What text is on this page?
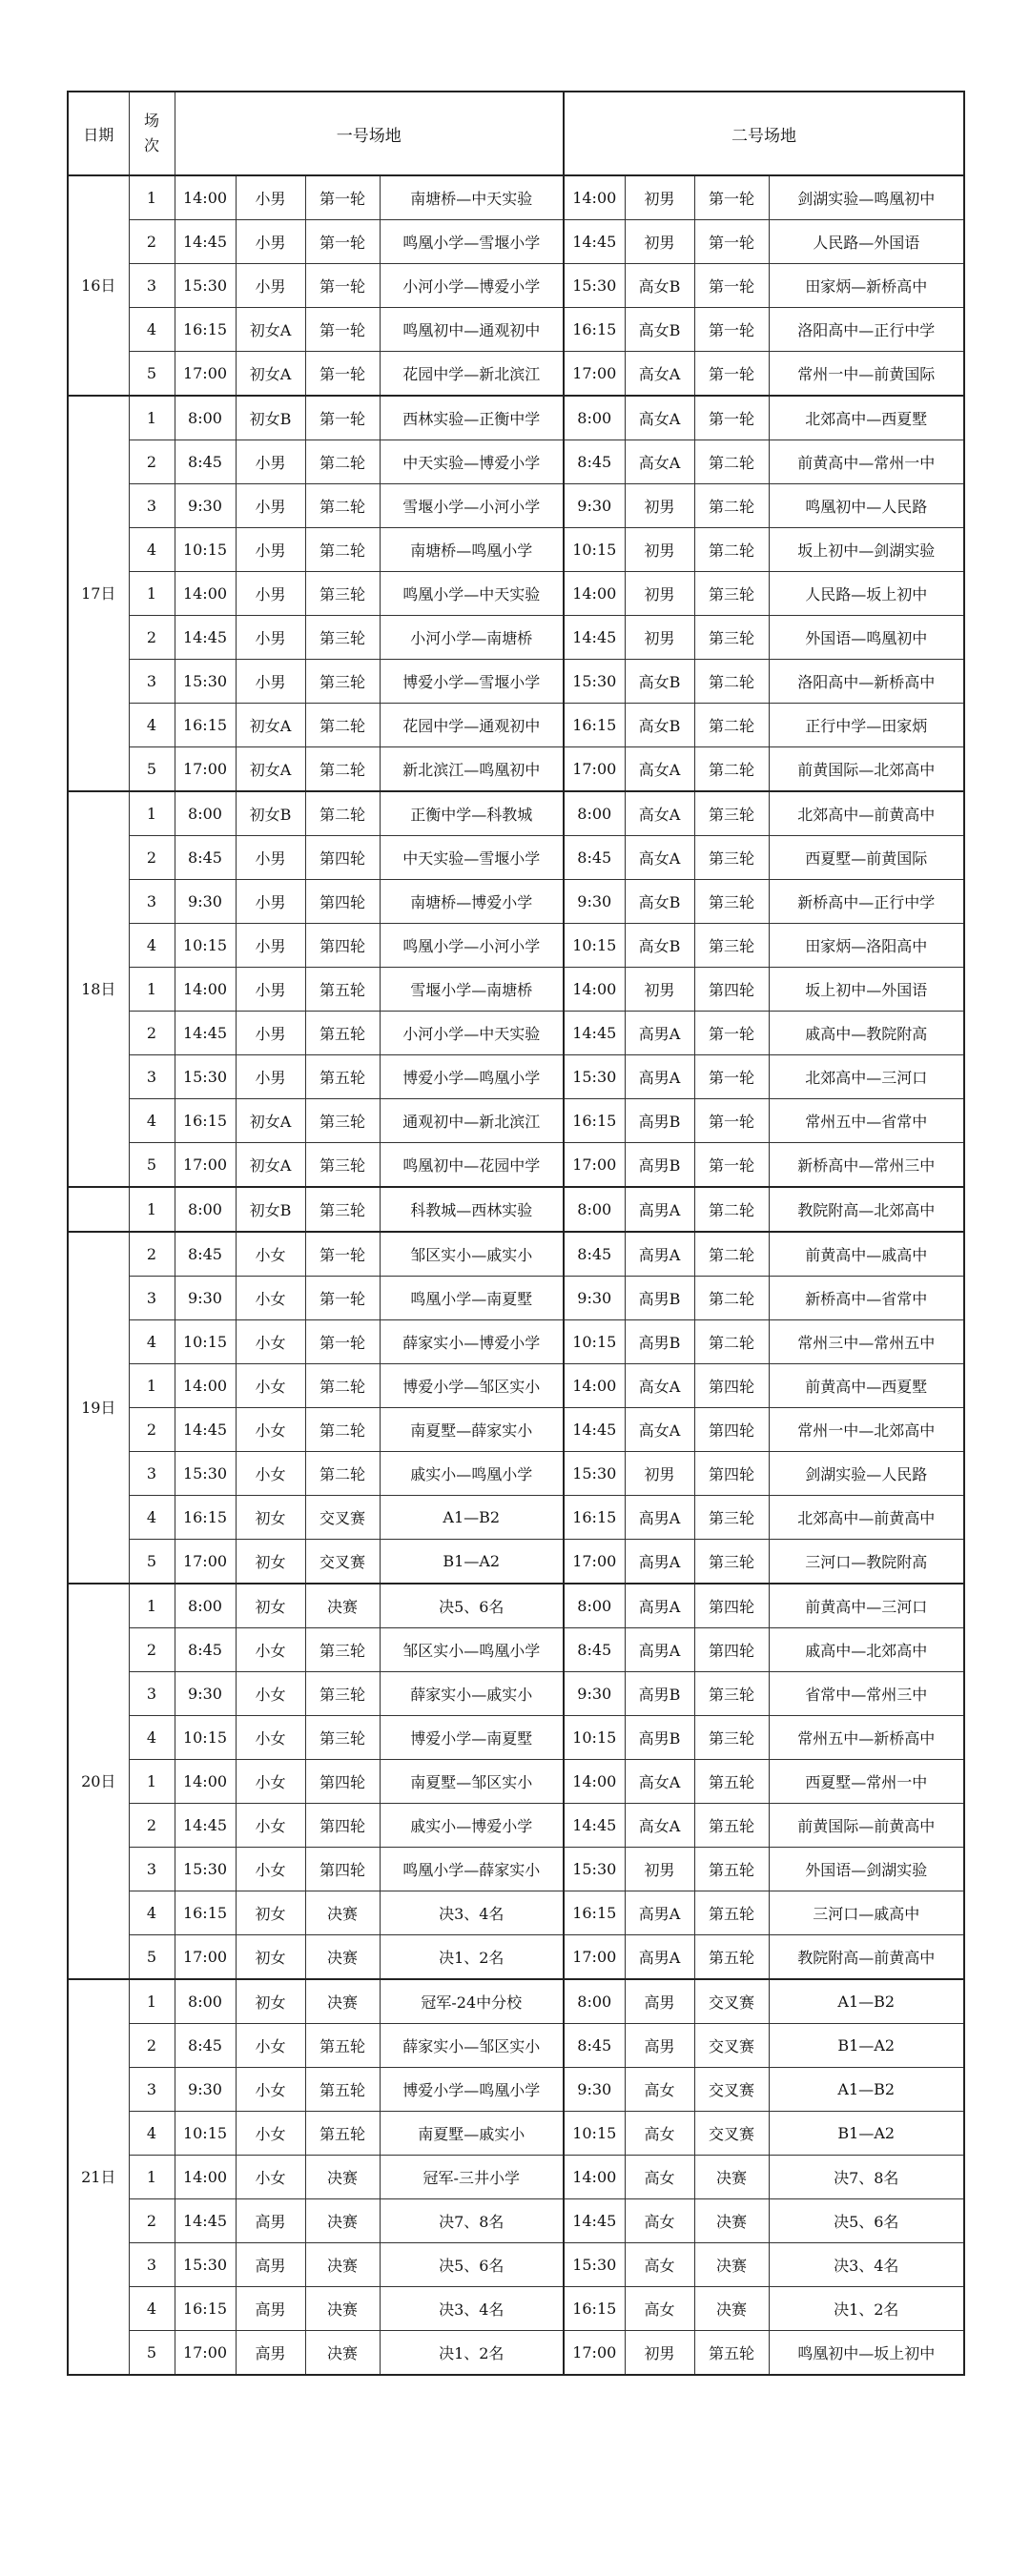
日期	场
次	一号场地				二号场地			
16日	1	14:00	小男	第一轮	南塘桥—中天实验	14:00	初男	第一轮	剑湖实验—鸣凰初中
	2	14:45	小男	第一轮	鸣凰小学—雪堰小学	14:45	初男	第一轮	人民路—外国语
	3	15:30	小男	第一轮	小河小学—博爱小学	15:30	高女B	第一轮	田家炳—新桥高中
	4	16:15	初女A	第一轮	鸣凰初中—通观初中	16:15	高女B	第一轮	洛阳高中—正行中学
	5	17:00	初女A	第一轮	花园中学—新北滨江	17:00	高女A	第一轮	常州一中—前黄国际
17日	1	8:00	初女B	第一轮	西林实验—正衡中学	8:00	高女A	第一轮	北郊高中—西夏墅
	2	8:45	小男	第二轮	中天实验—博爱小学	8:45	高女A	第二轮	前黄高中—常州一中
	3	9:30	小男	第二轮	雪堰小学—小河小学	9:30	初男	第二轮	鸣凰初中—人民路
	4	10:15	小男	第二轮	南塘桥—鸣凰小学	10:15	初男	第二轮	坂上初中—剑湖实验
	1	14:00	小男	第三轮	鸣凰小学—中天实验	14:00	初男	第三轮	人民路—坂上初中
	2	14:45	小男	第三轮	小河小学—南塘桥	14:45	初男	第三轮	外国语—鸣凰初中
	3	15:30	小男	第三轮	博爱小学—雪堰小学	15:30	高女B	第二轮	洛阳高中—新桥高中
	4	16:15	初女A	第二轮	花园中学—通观初中	16:15	高女B	第二轮	正行中学—田家炳
	5	17:00	初女A	第二轮	新北滨江—鸣凰初中	17:00	高女A	第二轮	前黄国际—北郊高中
18日	1	8:00	初女B	第二轮	正衡中学—科教城	8:00	高女A	第三轮	北郊高中—前黄高中
	2	8:45	小男	第四轮	中天实验—雪堰小学	8:45	高女A	第三轮	西夏墅—前黄国际
	3	9:30	小男	第四轮	南塘桥—博爱小学	9:30	高女B	第三轮	新桥高中—正行中学
	4	10:15	小男	第四轮	鸣凰小学—小河小学	10:15	高女B	第三轮	田家炳—洛阳高中
	1	14:00	小男	第五轮	雪堰小学—南塘桥	14:00	初男	第四轮	坂上初中—外国语
	2	14:45	小男	第五轮	小河小学—中天实验	14:45	高男A	第一轮	戚高中—教院附高
	3	15:30	小男	第五轮	博爱小学—鸣凰小学	15:30	高男A	第一轮	北郊高中—三河口
	4	16:15	初女A	第三轮	通观初中—新北滨江	16:15	高男B	第一轮	常州五中—省常中
	5	17:00	初女A	第三轮	鸣凰初中—花园中学	17:00	高男B	第一轮	新桥高中—常州三中
	1	8:00	初女B	第三轮	科教城—西林实验	8:00	高男A	第二轮	教院附高—北郊高中
19日	2	8:45	小女	第一轮	邹区实小—戚实小	8:45	高男A	第二轮	前黄高中—戚高中
	3	9:30	小女	第一轮	鸣凰小学—南夏墅	9:30	高男B	第二轮	新桥高中—省常中
	4	10:15	小女	第一轮	薛家实小—博爱小学	10:15	高男B	第二轮	常州三中—常州五中
	1	14:00	小女	第二轮	博爱小学—邹区实小	14:00	高女A	第四轮	前黄高中—西夏墅
	2	14:45	小女	第二轮	南夏墅—薛家实小	14:45	高女A	第四轮	常州一中—北郊高中
	3	15:30	小女	第二轮	戚实小—鸣凰小学	15:30	初男	第四轮	剑湖实验—人民路
	4	16:15	初女	交叉赛	A1—B2	16:15	高男A	第三轮	北郊高中—前黄高中
	5	17:00	初女	交叉赛	B1—A2	17:00	高男A	第三轮	三河口—教院附高
20日	1	8:00	初女	决赛	决5、6名	8:00	高男A	第四轮	前黄高中—三河口
	2	8:45	小女	第三轮	邹区实小—鸣凰小学	8:45	高男A	第四轮	戚高中—北郊高中
	3	9:30	小女	第三轮	薛家实小—戚实小	9:30	高男B	第三轮	省常中—常州三中
	4	10:15	小女	第三轮	博爱小学—南夏墅	10:15	高男B	第三轮	常州五中—新桥高中
	1	14:00	小女	第四轮	南夏墅—邹区实小	14:00	高女A	第五轮	西夏墅—常州一中
	2	14:45	小女	第四轮	戚实小—博爱小学	14:45	高女A	第五轮	前黄国际—前黄高中
	3	15:30	小女	第四轮	鸣凰小学—薛家实小	15:30	初男	第五轮	外国语—剑湖实验
	4	16:15	初女	决赛	决3、4名	16:15	高男A	第五轮	三河口—戚高中
	5	17:00	初女	决赛	决1、2名	17:00	高男A	第五轮	教院附高—前黄高中
21日	1	8:00	初女	决赛	冠军-24中分校	8:00	高男	交叉赛	A1—B2
	2	8:45	小女	第五轮	薛家实小—邹区实小	8:45	高男	交叉赛	B1—A2
	3	9:30	小女	第五轮	博爱小学—鸣凰小学	9:30	高女	交叉赛	A1—B2
	4	10:15	小女	第五轮	南夏墅—戚实小	10:15	高女	交叉赛	B1—A2
	1	14:00	小女	决赛	冠军-三井小学	14:00	高女	决赛	决7、8名
	2	14:45	高男	决赛	决7、8名	14:45	高女	决赛	决5、6名
	3	15:30	高男	决赛	决5、6名	15:30	高女	决赛	决3、4名
	4	16:15	高男	决赛	决3、4名	16:15	高女	决赛	决1、2名
	5	17:00	高男	决赛	决1、2名	17:00	初男	第五轮	鸣凰初中—坂上初中
